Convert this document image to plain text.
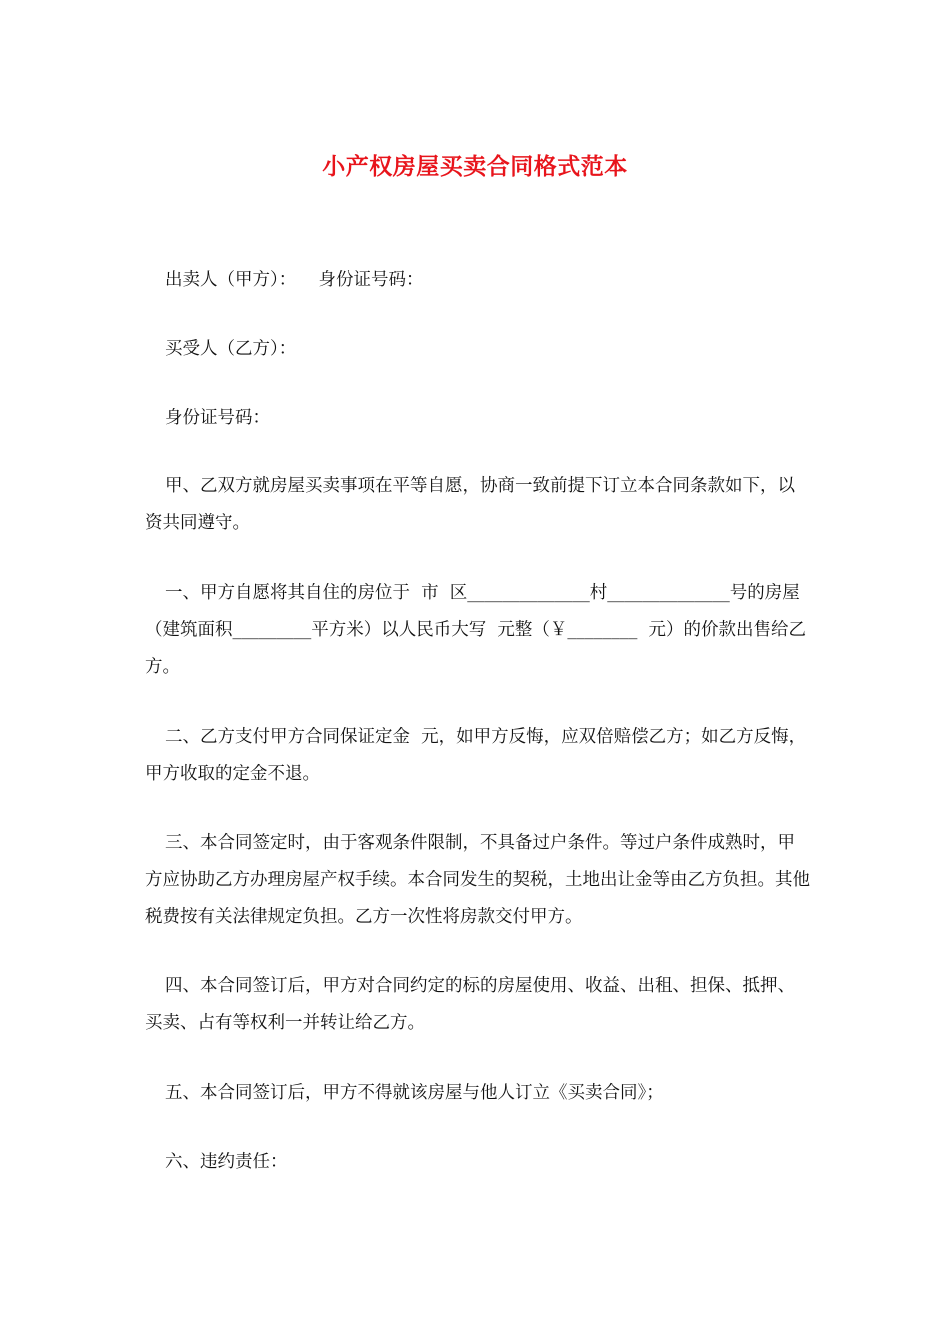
小产权房屋买卖合同格式范本
出卖人（甲方）：    身份证号码：
买受人（乙方）：
身份证号码：
甲、乙双方就房屋买卖事项在平等自愿，协商一致前提下订立本合同条款如下，以资共同遵守。
一、甲方自愿将其自住的房位于  市  区______________村______________号的房屋（建筑面积_________平方米）以人民币大写  元整（￥________  元）的价款出售给乙方。
二、乙方支付甲方合同保证定金  元，如甲方反悔，应双倍赔偿乙方；如乙方反悔，甲方收取的定金不退。
三、本合同签定时，由于客观条件限制，不具备过户条件。等过户条件成熟时，甲方应协助乙方办理房屋产权手续。本合同发生的契税，土地出让金等由乙方负担。其他税费按有关法律规定负担。乙方一次性将房款交付甲方。
四、本合同签订后，甲方对合同约定的标的房屋使用、收益、出租、担保、抵押、买卖、占有等权利一并转让给乙方。
五、本合同签订后，甲方不得就该房屋与他人订立《买卖合同》；
六、违约责任：
